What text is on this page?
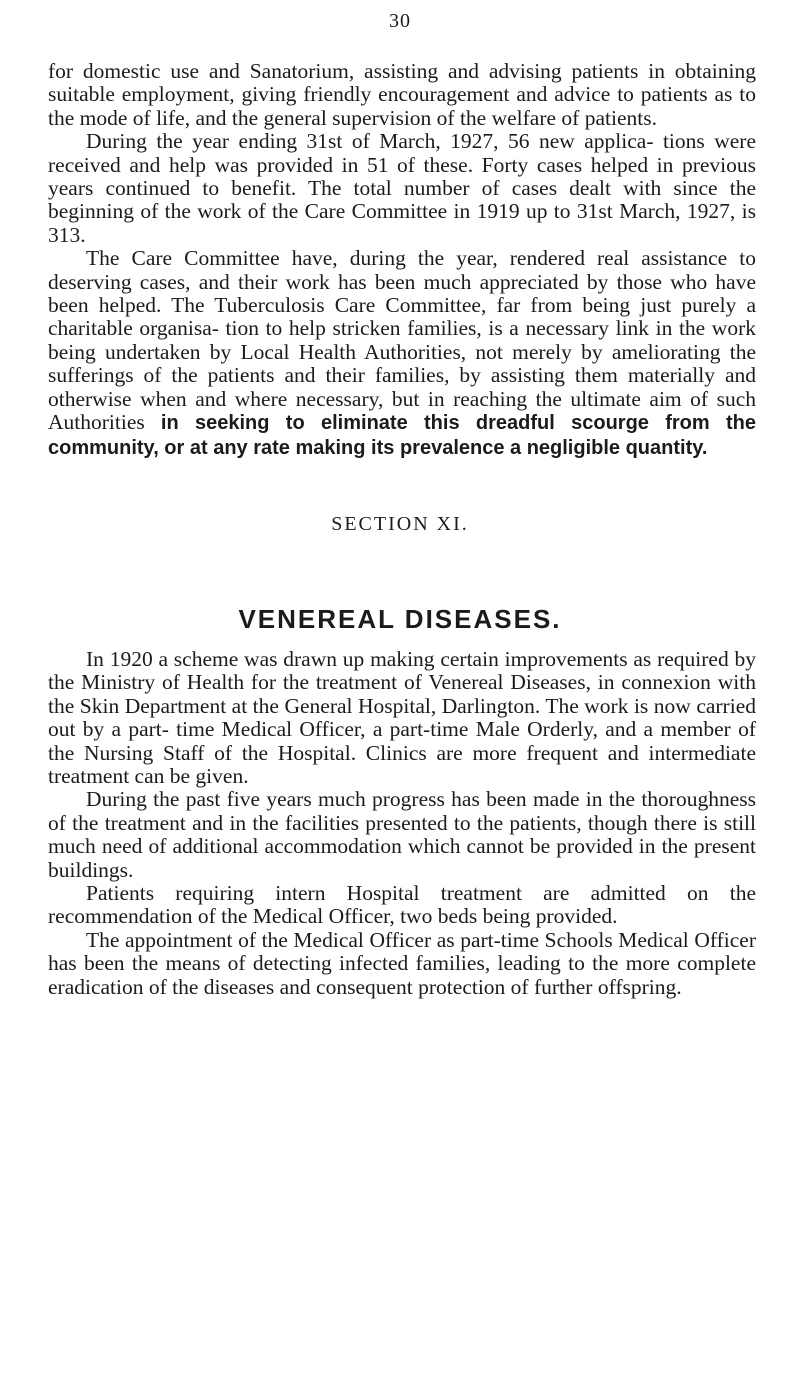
30

for domestic use and Sanatorium, assisting and advising patients in obtaining suitable employment, giving friendly encouragement and advice to patients as to the mode of life, and the general supervision of the welfare of patients.

During the year ending 31st of March, 1927, 56 new applica- tions were received and help was provided in 51 of these. Forty cases helped in previous years continued to benefit. The total number of cases dealt with since the beginning of the work of the Care Committee in 1919 up to 31st March, 1927, is 313.

The Care Committee have, during the year, rendered real assistance to deserving cases, and their work has been much appreciated by those who have been helped. The Tuberculosis Care Committee, far from being just purely a charitable organisa- tion to help stricken families, is a necessary link in the work being undertaken by Local Health Authorities, not merely by ameliorating the sufferings of the patients and their families, by assisting them materially and otherwise when and where necessary, but in reaching the ultimate aim of such Authorities in seeking to eliminate this dreadful scourge from the community, or at any rate making its prevalence a negligible quantity.

SECTION XI.
VENEREAL DISEASES.

In 1920 a scheme was drawn up making certain improvements as required by the Ministry of Health for the treatment of Venereal Diseases, in connexion with the Skin Department at the General Hospital, Darlington. The work is now carried out by a part- time Medical Officer, a part-time Male Orderly, and a member of the Nursing Staff of the Hospital. Clinics are more frequent and intermediate treatment can be given.

During the past five years much progress has been made in the thoroughness of the treatment and in the facilities presented to the patients, though there is still much need of additional accommodation which cannot be provided in the present buildings.

Patients requiring intern Hospital treatment are admitted on the recommendation of the Medical Officer, two beds being provided.

The appointment of the Medical Officer as part-time Schools Medical Officer has been the means of detecting infected families, leading to the more complete eradication of the diseases and consequent protection of further offspring.
